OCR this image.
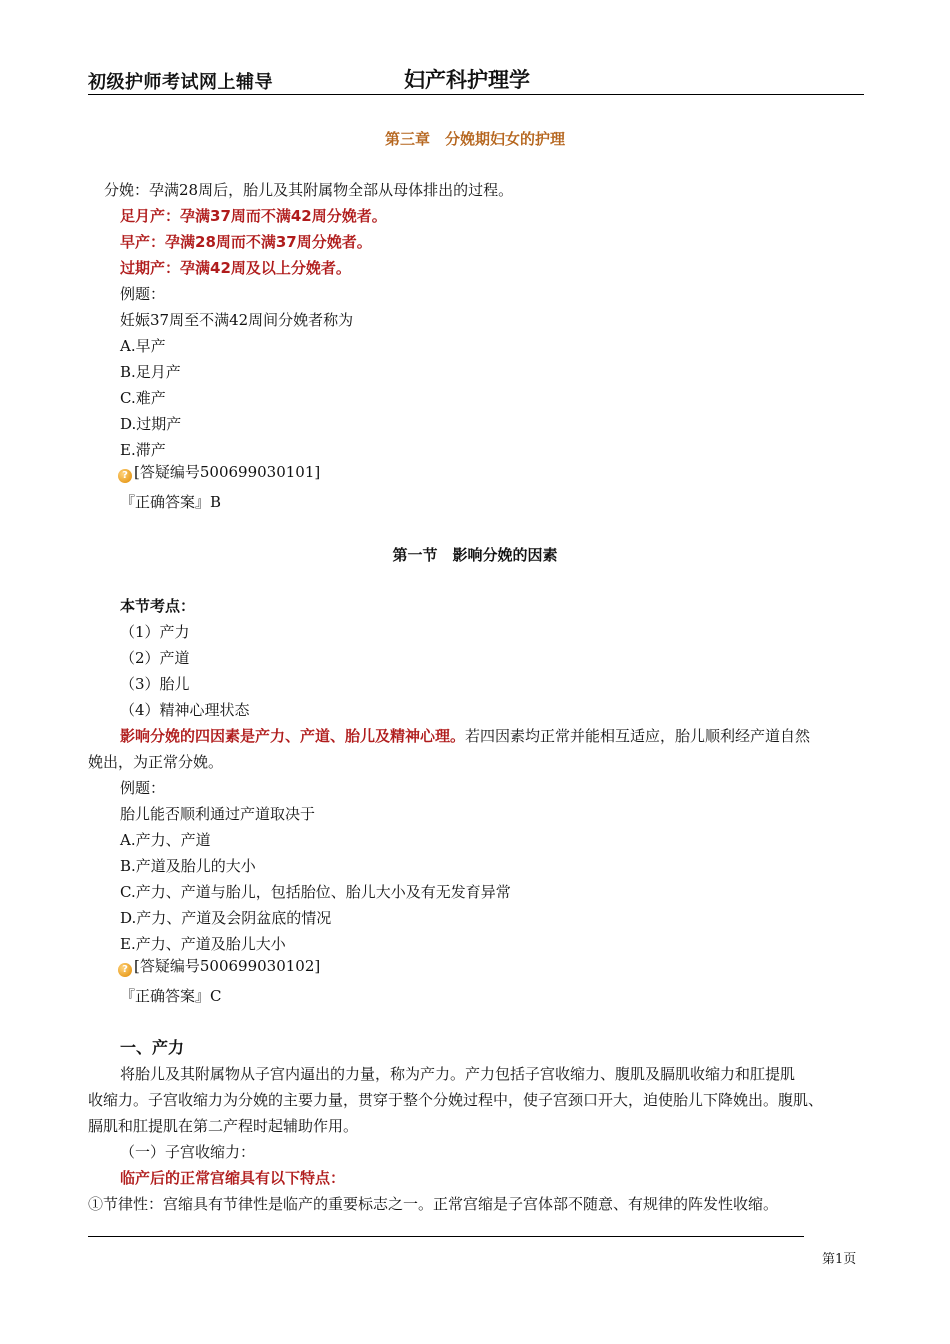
初级护师考试网上辅导	妇产科护理学
第三章　分娩期妇女的护理
分娩：孕满28周后，胎儿及其附属物全部从母体排出的过程。
足月产：孕满37周而不满42周分娩者。
早产：孕满28周而不满37周分娩者。
过期产：孕满42周及以上分娩者。
例题：
妊娠37周至不满42周间分娩者称为
A.早产
B.足月产
C.难产
D.过期产
E.滞产
? [答疑编号500699030101]
『正确答案』B
第一节　影响分娩的因素
本节考点：
（1）产力
（2）产道
（3）胎儿
（4）精神心理状态
影响分娩的四因素是产力、产道、胎儿及精神心理。若四因素均正常并能相互适应，胎儿顺利经产道自然
娩出，为正常分娩。
例题：
胎儿能否顺利通过产道取决于
A.产力、产道
B.产道及胎儿的大小
C.产力、产道与胎儿，包括胎位、胎儿大小及有无发育异常
D.产力、产道及会阴盆底的情况
E.产力、产道及胎儿大小
? [答疑编号500699030102]
『正确答案』C
一、产力
将胎儿及其附属物从子宫内逼出的力量，称为产力。产力包括子宫收缩力、腹肌及膈肌收缩力和肛提肌
收缩力。子宫收缩力为分娩的主要力量，贯穿于整个分娩过程中，使子宫颈口开大，迫使胎儿下降娩出。腹肌、
膈肌和肛提肌在第二产程时起辅助作用。
（一）子宫收缩力：
临产后的正常宫缩具有以下特点：
①节律性：宫缩具有节律性是临产的重要标志之一。正常宫缩是子宫体部不随意、有规律的阵发性收缩。
第1页
